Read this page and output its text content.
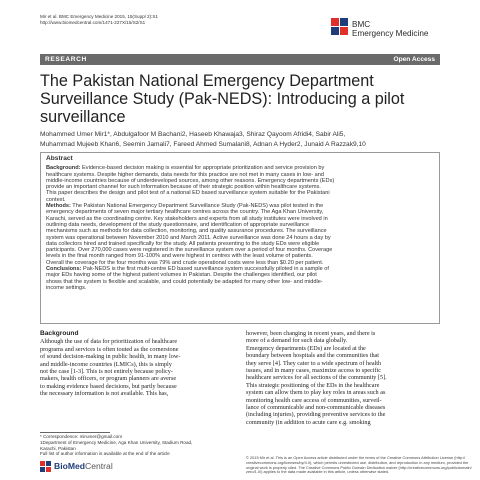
Mir et al. BMC Emergency Medicine 2015, 15(Suppl 2):S1
http://www.biomedcentral.com/1471-227X/15/S2/S1	BMC
Emergency Medicine
RESEARCH	Open Access
The Pakistan National Emergency Department
Surveillance Study (Pak-NEDS): Introducing a pilot
surveillance
Mohammed Umer Mir1*, Abdulgafoor M Bachani2, Haseeb Khawaja3, Shiraz Qayoom Afridi4, Sabir Ali5,
Muhammad Mujeeb Khan6, Seemin Jamali7, Fareed Ahmed Sumalani8, Adnan A Hyder2, Junaid A Razzak9,10
Abstract
Background: Evidence-based decision making is essential for appropriate prioritization and service provision by
healthcare systems. Despite higher demands, data needs for this practice are not met in many cases in low- and
middle-income countries because of underdeveloped sources, among other reasons. Emergency departments (EDs)
provide an important channel for such information because of their strategic position within healthcare systems.
This paper describes the design and pilot test of a national ED based surveillance system suitable for the Pakistani
context.
Methods: The Pakistan National Emergency Department Surveillance Study (Pak-NEDS) was pilot tested in the
emergency departments of seven major tertiary healthcare centres across the country. The Aga Khan University,
Karachi, served as the coordinating centre. Key stakeholders and experts from all study institutes were involved in
outlining data needs, development of the study questionnaire, and identification of appropriate surveillance
mechanisms such as methods for data collection, monitoring, and quality assurance procedures. The surveillance
system was operational between November 2010 and March 2011. Active surveillance was done 24 hours a day by
data collectors hired and trained specifically for the study. All patients presenting to the study EDs were eligible
participants. Over 270,000 cases were registered in the surveillance system over a period of four months. Coverage
levels in the final month ranged from 91-100% and were highest in centres with the least volume of patients.
Overall the coverage for the four months was 79% and crude operational costs were less than $0.20 per patient.
Conclusions: Pak-NEDS is the first multi-centre ED based surveillance system successfully piloted in a sample of
major EDs having some of the highest patient volumes in Pakistan. Despite the challenges identified, our pilot
shows that the system is flexible and scalable, and could potentially be adapted for many other low- and middle-
income settings.
Background
Although the use of data for prioritization of healthcare
programs and services is often touted as the cornerstone
of sound decision-making in public health, in many low-
and middle-income countries (LMICs), this is simply
not the case [1-3]. This is not entirely because policy-
makers, health officers, or program planners are averse
to making evidence based decisions, but partly because
the necessary information is not available. This has,
however, been changing in recent years, and there is
more of a demand for such data globally.
Emergency departments (EDs) are located at the
boundary between hospitals and the communities that
they serve [4]. They cater to a wide spectrum of health
issues, and in many cases, maximize access to specific
healthcare services for all sections of the community [5].
This strategic positioning of the EDs in the healthcare
system can allow them to play key roles in areas such as
monitoring health care access of communities, surveil-
lance of communicable and non-communicable diseases
(including injuries), providing preventive services to the
community (in addition to acute care e.g. smoking
* Correspondence: mirumer@gmail.com
1Department of Emergency Medicine, Aga Khan University, Stadium Road,
Karachi, Pakistan
Full list of author information is available at the end of the article
BioMedCentral
© 2015 Mir et al. This is an Open Access article distributed under the terms of the Creative Commons Attribution License (http://
creativecommons.org/licenses/by/4.0), which permits unrestricted use, distribution, and reproduction in any medium, provided the
original work is properly cited. The Creative Commons Public Domain Dedication waiver (http://creativecommons.org/publicdomain/
zero/1.0/) applies to the data made available in this article, unless otherwise stated.
